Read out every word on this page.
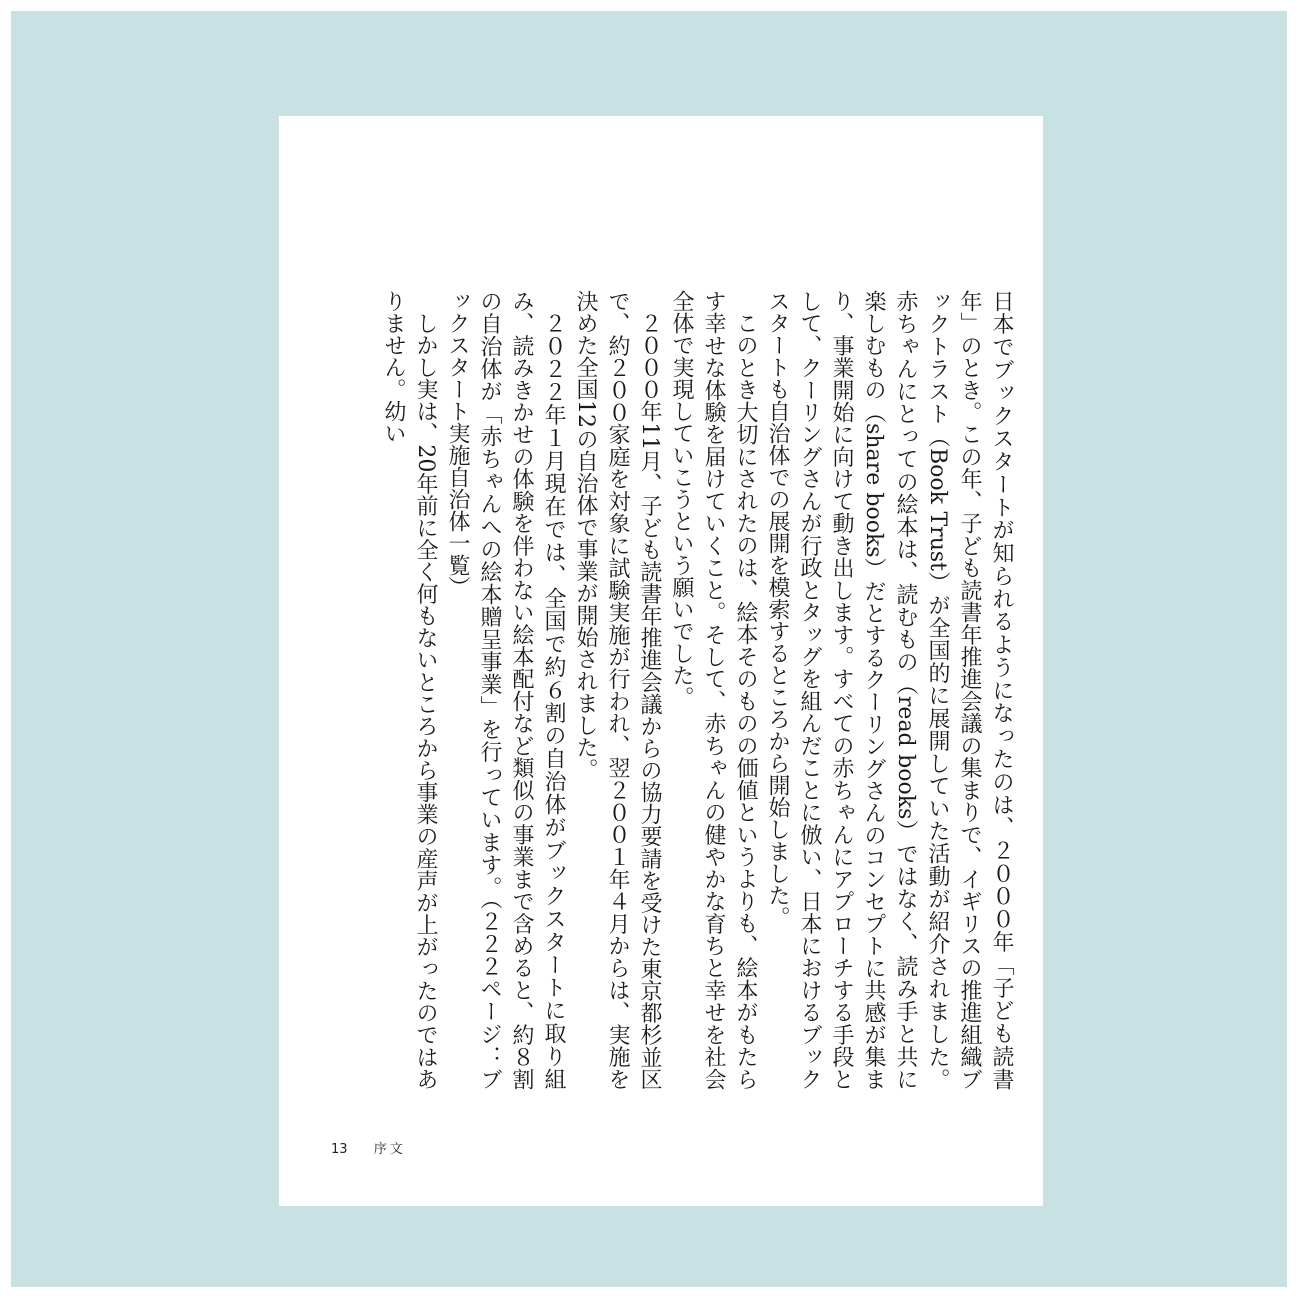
日本でブックスタートが知られるようになったのは、２０００年「子ども読書年」のとき。この年、子ども読書年推進会議の集まりで、イギリスの推進組織ブックトラスト（Book Trust）が全国的に展開していた活動が紹介されました。赤ちゃんにとっての絵本は、読むもの（read books）ではなく、読み手と共に楽しむもの（share books）だとするクーリングさんのコンセプトに共感が集まり、事業開始に向けて動き出します。すべての赤ちゃんにアプローチする手段として、クーリングさんが行政とタッグを組んだことに倣い、日本におけるブックスタートも自治体での展開を模索するところから開始しました。

このとき大切にされたのは、絵本そのものの価値というよりも、絵本がもたらす幸せな体験を届けていくこと。そして、赤ちゃんの健やかな育ちと幸せを社会全体で実現していこうという願いでした。

２０００年11月、子ども読書年推進会議からの協力要請を受けた東京都杉並区で、約２００家庭を対象に試験実施が行われ、翌２００１年４月からは、実施を決めた全国12の自治体で事業が開始されました。

２０２２年１月現在では、全国で約６割の自治体がブックスタートに取り組み、読みきかせの体験を伴わない絵本配付など類似の事業まで含めると、約８割の自治体が「赤ちゃんへの絵本贈呈事業」を行っています。（２２２ページ：ブックスタート実施自治体一覧）

しかし実は、20年前に全く何もないところから事業の産声が上がったのではありません。幼い

13 序文
